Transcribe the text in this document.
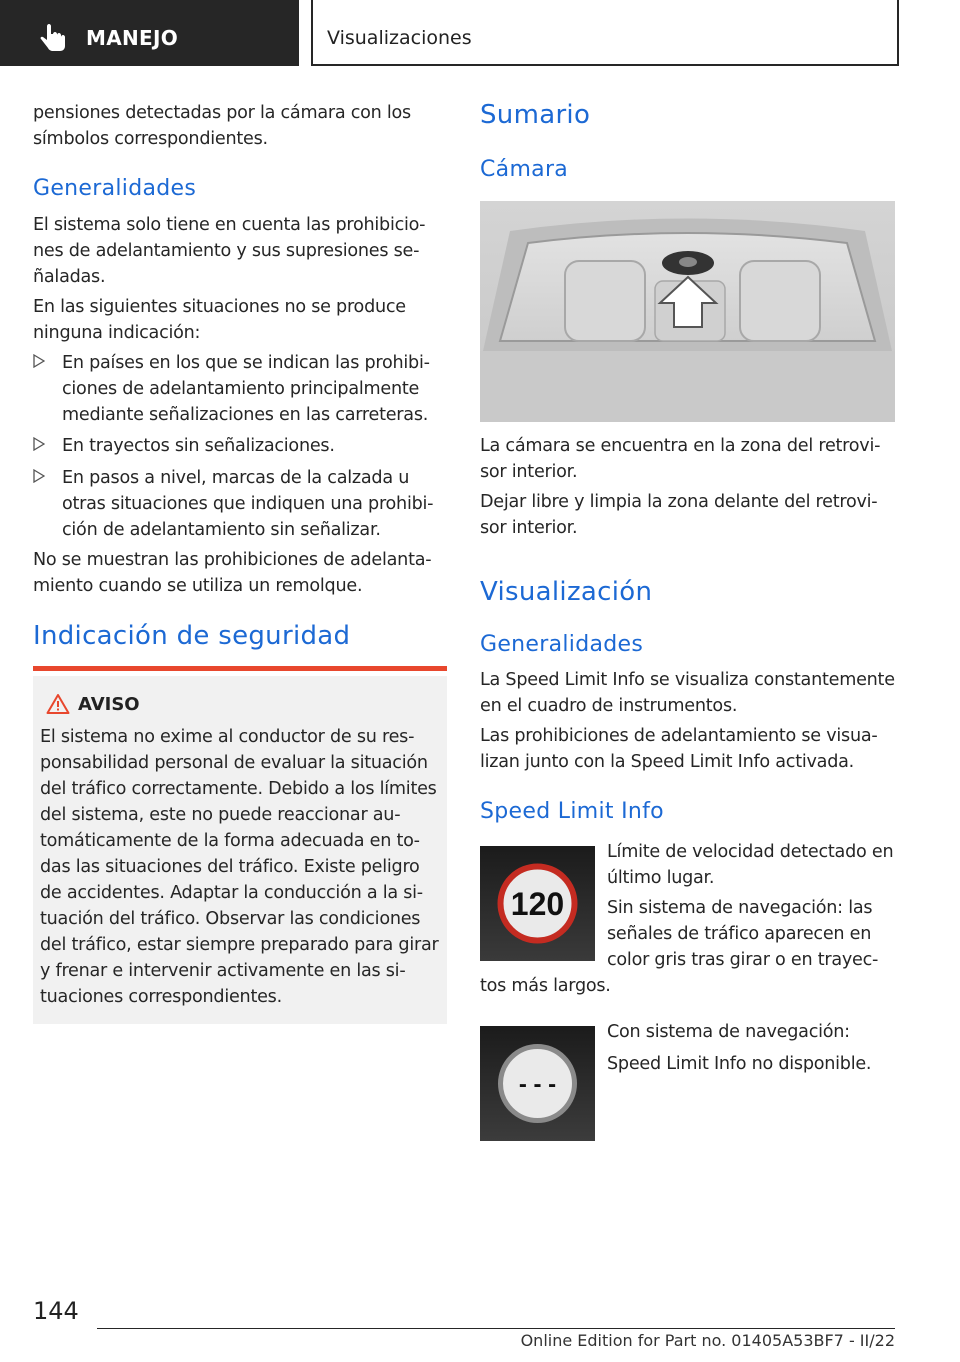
MANEJO	Visualizaciones

pensiones detectadas por la cámara con los símbolos correspondientes.

Generalidades

El sistema solo tiene en cuenta las prohibiciones de adelantamiento y sus supresiones señaladas.

En las siguientes situaciones no se produce ninguna indicación:

En países en los que se indican las prohibiciones de adelantamiento principalmente mediante señalizaciones en las carreteras.
En trayectos sin señalizaciones.
En pasos a nivel, marcas de la calzada u otras situaciones que indiquen una prohibición de adelantamiento sin señalizar.

No se muestran las prohibiciones de adelantamiento cuando se utiliza un remolque.

Indicación de seguridad
AVISO
El sistema no exime al conductor de su responsabilidad personal de evaluar la situación del tráfico correctamente. Debido a los límites del sistema, este no puede reaccionar automáticamente de la forma adecuada en todas las situaciones del tráfico. Existe peligro de accidentes. Adaptar la conducción a la situación del tráfico. Observar las condiciones del tráfico, estar siempre preparado para girar y frenar e intervenir activamente en las situaciones correspondientes.
Sumario
Cámara

La cámara se encuentra en la zona del retrovisor interior.

Dejar libre y limpia la zona delante del retrovisor interior.

Visualización
Generalidades

La Speed Limit Info se visualiza constantemente en el cuadro de instrumentos.

Las prohibiciones de adelantamiento se visualizan junto con la Speed Limit Info activada.

Speed Limit Info

Límite de velocidad detectado en último lugar.

Sin sistema de navegación: las señales de tráfico aparecen en color gris tras girar o en trayec-

tos más largos.

Con sistema de navegación:

Speed Limit Info no disponible.

120
- - -
144
Online Edition for Part no. 01405A53BF7 - II/22
